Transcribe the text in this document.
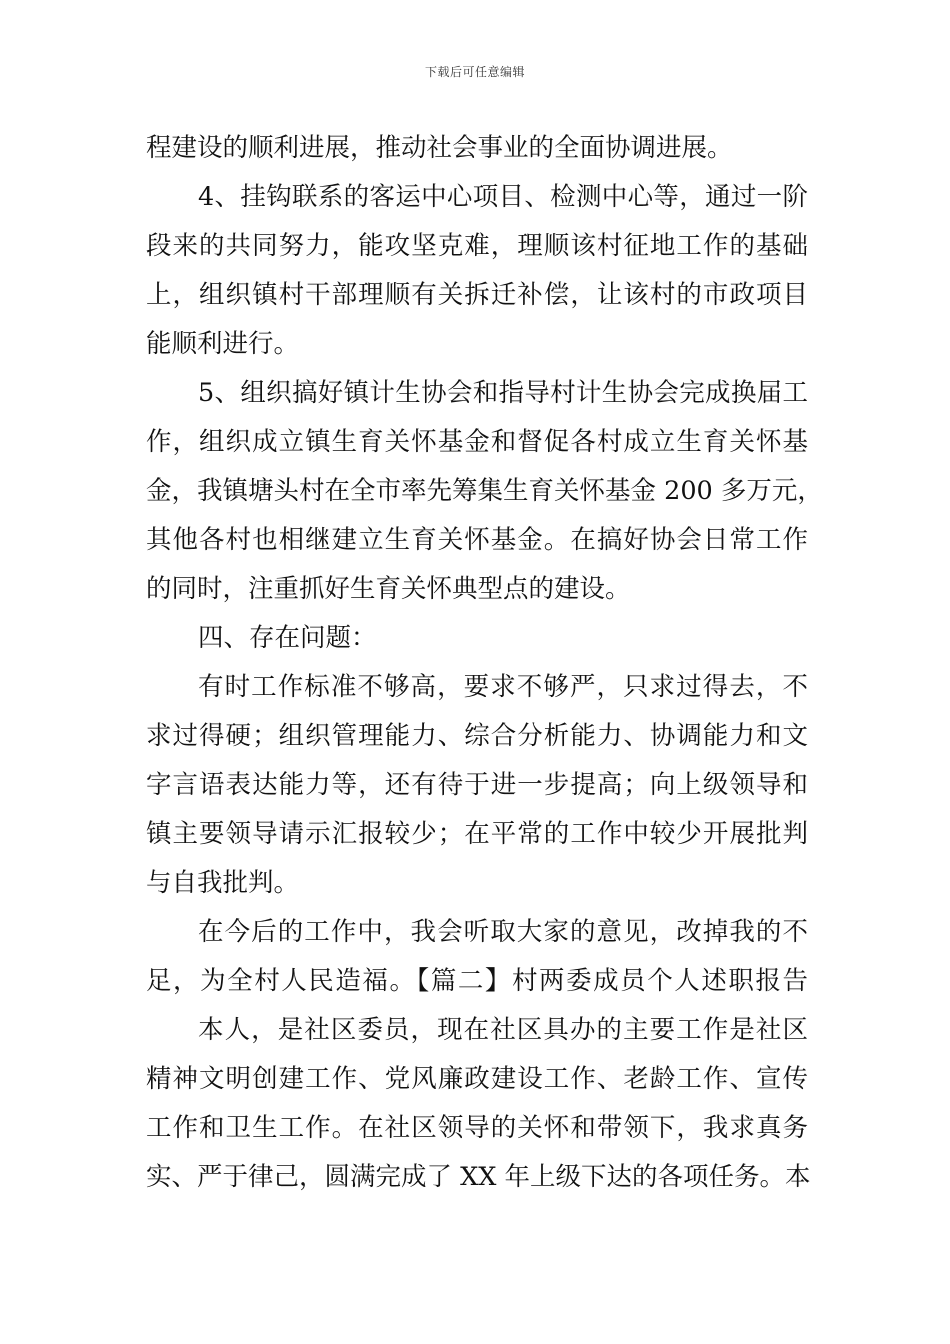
下载后可任意编辑
程建设的顺利进展，推动社会事业的全面协调进展。
4、挂钩联系的客运中心项目、检测中心等，通过一阶
段来的共同努力，能攻坚克难，理顺该村征地工作的基础
上，组织镇村干部理顺有关拆迁补偿，让该村的市政项目
能顺利进行。
5、组织搞好镇计生协会和指导村计生协会完成换届工
作，组织成立镇生育关怀基金和督促各村成立生育关怀基
金，我镇塘头村在全市率先筹集生育关怀基金 200 多万元，
其他各村也相继建立生育关怀基金。在搞好协会日常工作
的同时，注重抓好生育关怀典型点的建设。
四、存在问题：
有时工作标准不够高，要求不够严，只求过得去，不
求过得硬；组织管理能力、综合分析能力、协调能力和文
字言语表达能力等，还有待于进一步提高；向上级领导和
镇主要领导请示汇报较少；在平常的工作中较少开展批判
与自我批判。
在今后的工作中，我会听取大家的意见，改掉我的不
足，为全村人民造福。【篇二】村两委成员个人述职报告
本人，是社区委员，现在社区具办的主要工作是社区
精神文明创建工作、党风廉政建设工作、老龄工作、宣传
工作和卫生工作。在社区领导的关怀和带领下，我求真务
实、严于律己，圆满完成了 XX 年上级下达的各项任务。本
